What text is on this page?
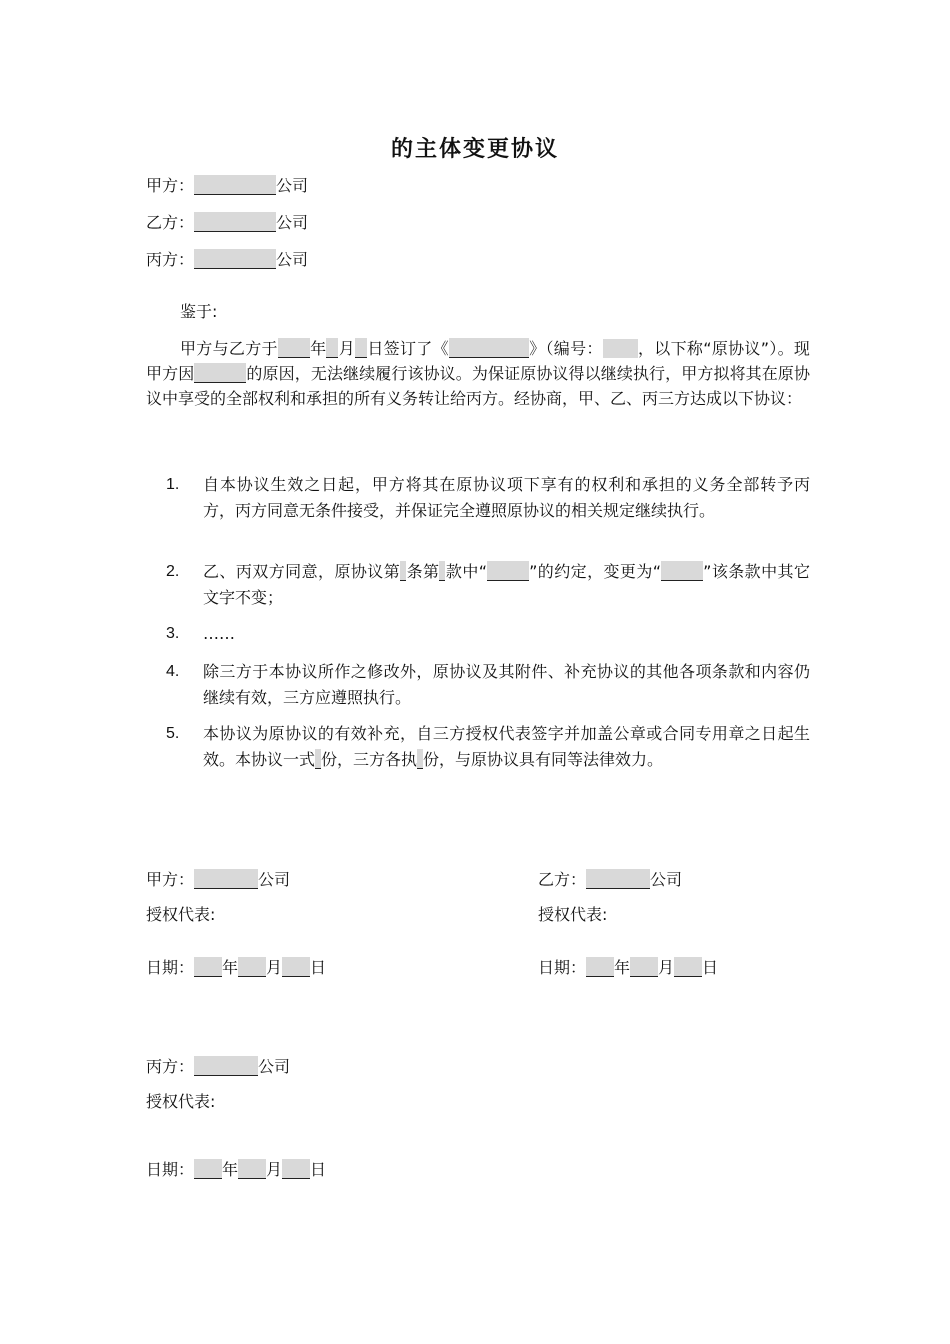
的主体变更协议
甲方：	公司
乙方：	公司
丙方：	公司
鉴于:
甲方与乙方于 年 月 日签订了《	》（编号： ，以下称“原协议”）。现甲方因	的原因，无法继续履行该协议。为保证原协议得以继续执行，甲方拟将其在原协议中享受的全部权利和承担的所有义务转让给丙方。经协商，甲、乙、丙三方达成以下协议：
1.	自本协议生效之日起，甲方将其在原协议项下享有的权利和承担的义务全部转予丙方，丙方同意无条件接受，并保证完全遵照原协议的相关规定继续执行。
2.	乙、丙双方同意，原协议第 条第 款中“	”的约定，变更为“	”该条款中其它文字不变；
3.	……
4.	除三方于本协议所作之修改外，原协议及其附件、补充协议的其他各项条款和内容仍继续有效，三方应遵照执行。
5.	本协议为原协议的有效补充，自三方授权代表签字并加盖公章或合同专用章之日起生效。本协议一式 份，三方各执 份，与原协议具有同等法律效力。
甲方：	公司
授权代表:
日期： 年 月 日
乙方：	公司
授权代表:
日期： 年 月 日
丙方：	公司
授权代表:
日期： 年 月 日
